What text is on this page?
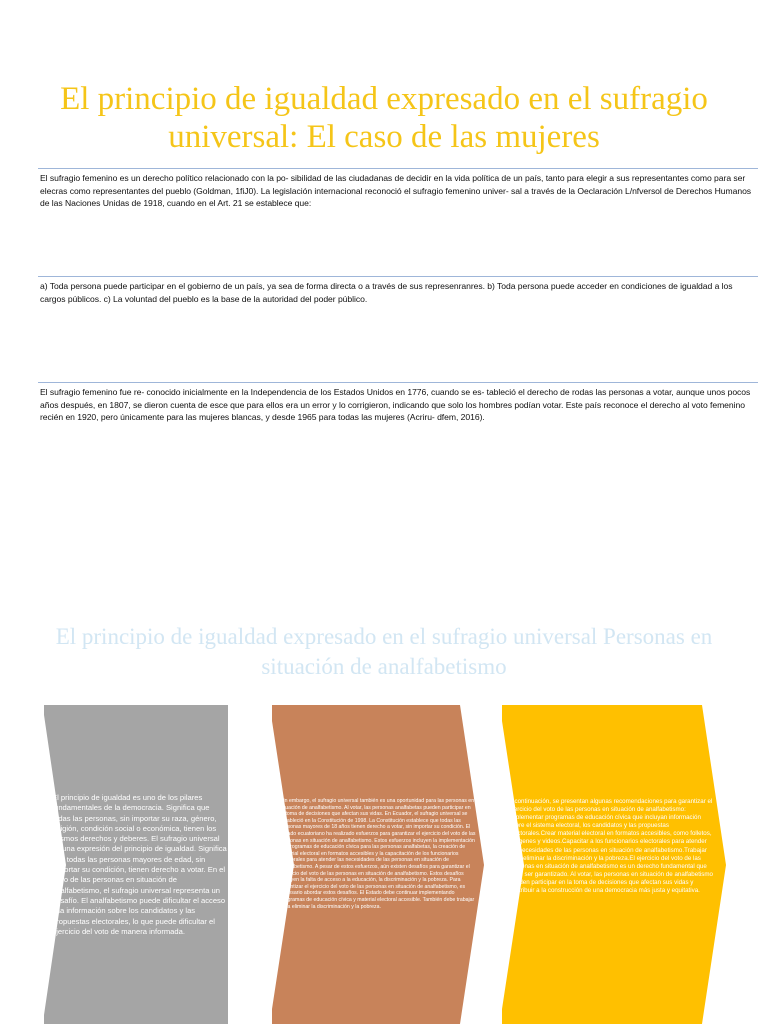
El principio de igualdad expresado en el sufragio universal: El caso de las mujeres

El sufragio femenino es un derecho político relacionado con la po- sibilidad de las ciudadanas de decidir en la vida política de un país, tanto para elegir a sus representantes como para ser elecras como representantes del pueblo (Goldman, 1fiJ0). La legislación internacional reconoció el sufragio femenino univer- sal a través de la Oeclaración L/nfversol de Derechos Humanos de las Naciones Unidas de 1918, cuando en el Art. 21 se establece que:

a) Toda persona puede participar en el gobierno de un país, ya sea de forma directa o a través de sus represenranres. b) Toda persona puede acceder en condiciones de igualdad a los cargos públicos. c) La voluntad del pueblo es la base de la autoridad del poder público.

El sufragio femenino fue re- conocido inicialmente en la Independencia de los Estados Unidos en 1776, cuando se es- tableció el derecho de rodas las personas a votar, aunque unos pocos años después, en 1807, se dieron cuenta de esce que para ellos era un error y lo corrigieron, indicando que solo los hombres podían votar. Este país reconoce el derecho al voto femenino recién en 1920, pero únicamente para las mujeres blancas, y desde 1965 para todas las mujeres (Acriru- dfem, 2016).

El principio de igualdad expresado en el sufragio universal Personas en situación de analfabetismo

El principio de igualdad es uno de los pilares fundamentales de la democracia. Significa que todas las personas, sin importar su raza, género, religión, condición social o económica, tienen los mismos derechos y deberes. El sufragio universal es una expresión del principio de igualdad. Significa que todas las personas mayores de edad, sin importar su condición, tienen derecho a votar. En el caso de las personas en situación de analfabetismo, el sufragio universal representa un desafío. El analfabetismo puede dificultar el acceso a la información sobre los candidatos y las propuestas electorales, lo que puede dificultar el ejercicio del voto de manera informada.

Sin embargo, el sufragio universal también es una oportunidad para las personas en situación de analfabetismo. Al votar, las personas analfabetas pueden participar en la toma de decisiones que afectan sus vidas. En Ecuador, el sufragio universal se estableció en la Constitución de 1998. La Constitución establece que todas las personas mayores de 18 años tienen derecho a votar, sin importar su condición. El Estado ecuatoriano ha realizado esfuerzos para garantizar el ejercicio del voto de las personas en situación de analfabetismo. Estos esfuerzos incluyen la implementación de programas de educación cívica para las personas analfabetas, la creación de material electoral en formatos accesibles y la capacitación de los funcionarios electorales para atender las necesidades de las personas en situación de analfabetismo. A pesar de estos esfuerzos, aún existen desafíos para garantizar el ejercicio del voto de las personas en situación de analfabetismo. Estos desafíos incluyen la falta de acceso a la educación, la discriminación y la pobreza. Para garantizar el ejercicio del voto de las personas en situación de analfabetismo, es necesario abordar estos desafíos. El Estado debe continuar implementando programas de educación cívica y material electoral accesible. También debe trabajar para eliminar la discriminación y la pobreza.

A continuación, se presentan algunas recomendaciones para garantizar el ejercicio del voto de las personas en situación de analfabetismo: Implementar programas de educación cívica que incluyan información sobre el sistema electoral, los candidatos y las propuestas electorales.Crear material electoral en formatos accesibles, como folletos, imágenes y videos.Capacitar a los funcionarios electorales para atender las necesidades de las personas en situación de analfabetismo.Trabajar para eliminar la discriminación y la pobreza.El ejercicio del voto de las personas en situación de analfabetismo es un derecho fundamental que debe ser garantizado. Al votar, las personas en situación de analfabetismo pueden participar en la toma de decisiones que afectan sus vidas y contribuir a la construcción de una democracia más justa y equitativa.
